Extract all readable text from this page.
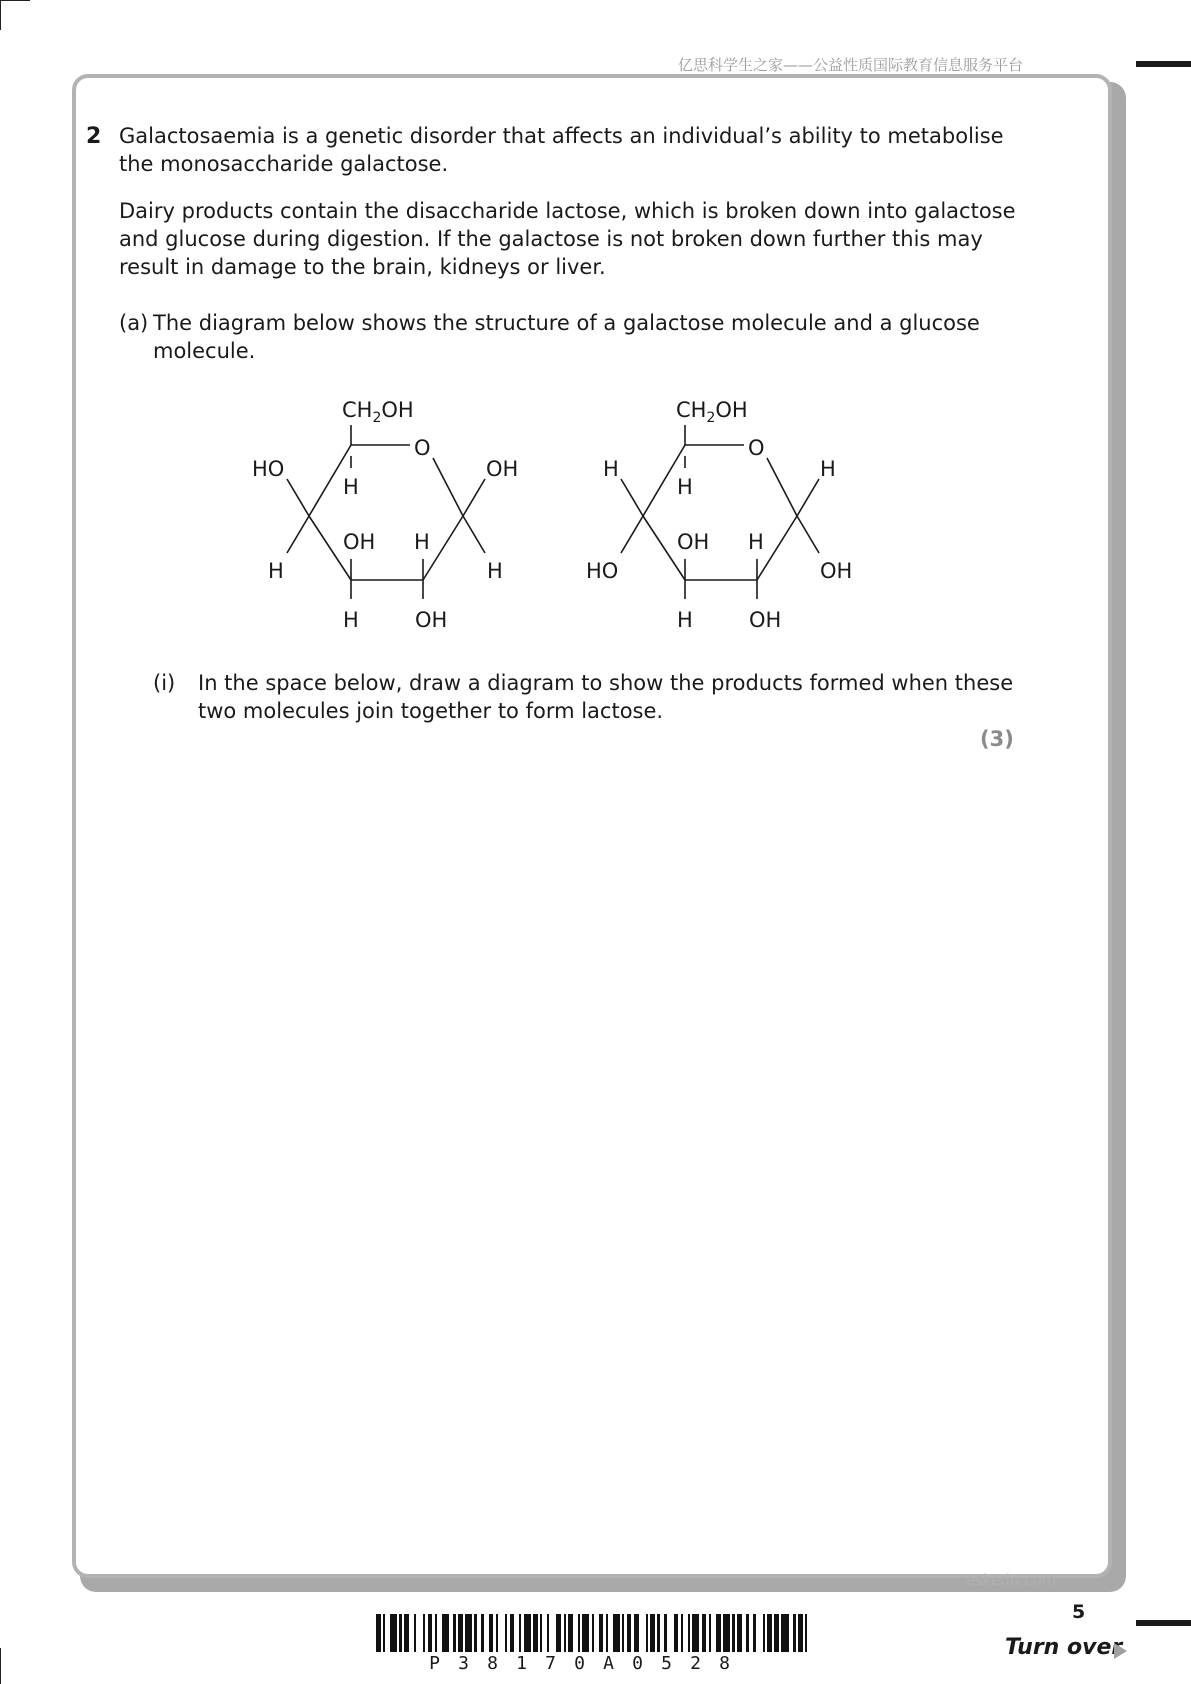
亿思科学生之家——公益性质国际教育信息服务平台
2 Galactosaemia is a genetic disorder that affects an individual’s ability to metabolise the monosaccharide galactose.

Dairy products contain the disaccharide lactose, which is broken down into galactose and glucose during digestion. If the galactose is not broken down further this may result in damage to the brain, kidneys or liver.

(a) The diagram below shows the structure of a galactose molecule and a glucose molecule.

$CH_2OH$
O
OH
H
H
OH
OH
H
HO
H
H
$CH_2OH$
O
H
OH
H
OH
OH
H
H
HO
H
(i) In the space below, draw a diagram to show the products formed when these two molecules join together to form lactose.

(3)
eskedu.com
5
Turn over
P 3 8 1 7 0 A 0 5 2 8
